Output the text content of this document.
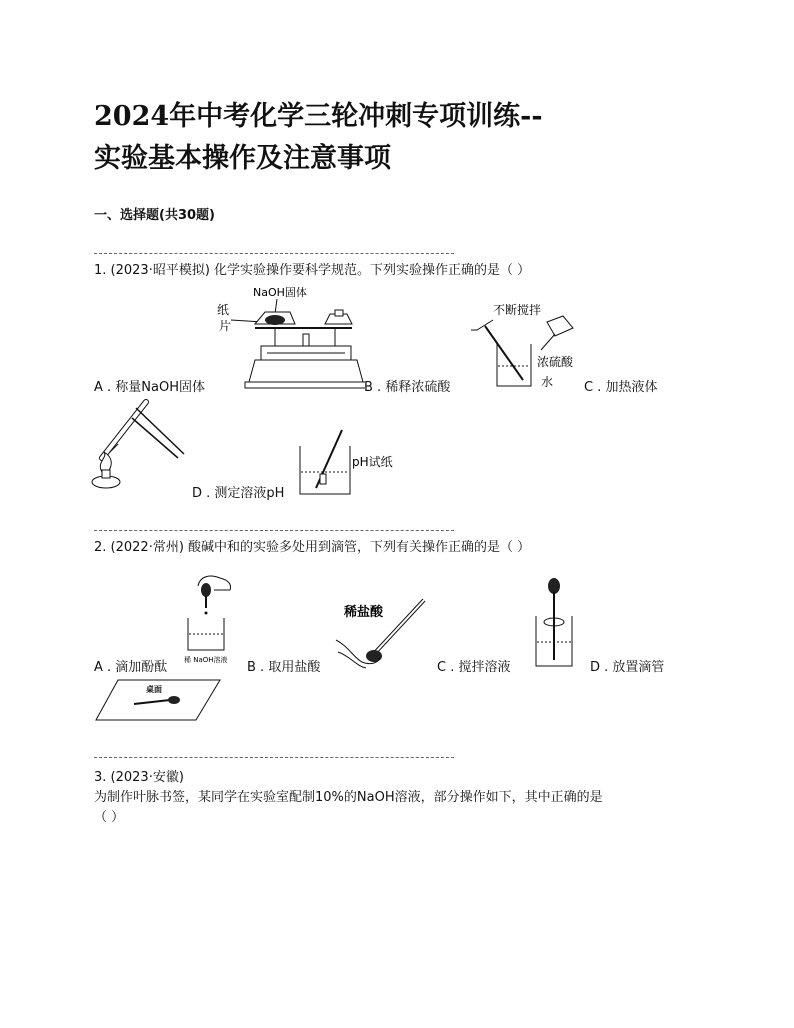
2024年中考化学三轮冲刺专项训练--
实验基本操作及注意事项

一、选择题(共30题)

1. (2023·昭平模拟) 化学实验操作要科学规范。下列实验操作正确的是（ ）
NaOH固体
纸
片
A . 称量NaOH固体
不断搅拌
浓硫酸
水
B . 稀释浓硫酸	C . 加热液体
pH试纸
D . 测定溶液pH
2. (2022·常州) 酸碱中和的实验多处用到滴管，下列有关操作正确的是（ ）
稀 NaOH溶液
A . 滴加酚酞
稀盐酸
B . 取用盐酸	C . 搅拌溶液	D . 放置滴管
桌面
3. (2023·安徽)
为制作叶脉书签，某同学在实验室配制10%的NaOH溶液，部分操作如下，其中正确的是
（ ）
